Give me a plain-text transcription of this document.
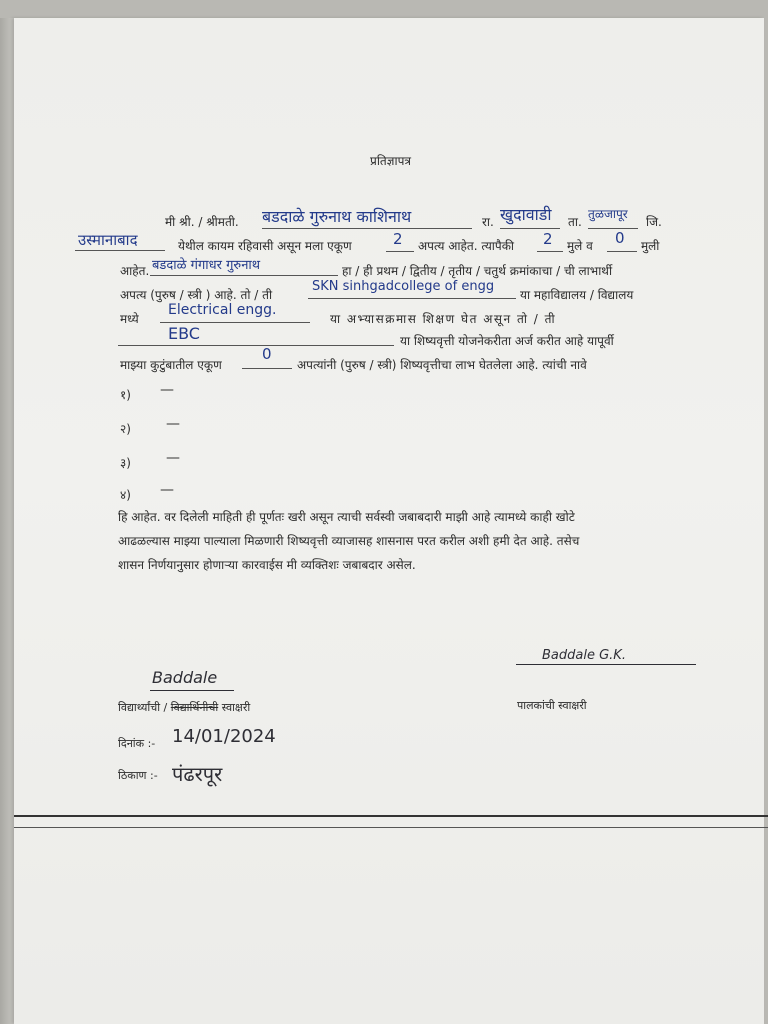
प्रतिज्ञापत्र
मी श्री. / श्रीमती. बडदाळे गुरुनाथ काशिनाथ	रा. खुदावाडी ता.
तुळजापूर
जि.
उस्मानाबाद	येथील कायम रहिवासी असून मला एकूण	2 अपत्य आहेत. त्यापैकी 2 मुले व 0 मुली
आहेत. बडदाळे गंगाधर गुरुनाथ	हा / ही प्रथम / द्वितीय / तृतीय / चतुर्थ क्रमांकाचा / ची लाभार्थी
अपत्य (पुरुष / स्त्री ) आहे. तो / ती
SKN sinhgadcollege of engg
या महाविद्यालय / विद्यालय
मध्ये
Electrical engg.
या अभ्यासक्रमास शिक्षण घेत असून तो / ती
EBC	या शिष्यवृत्ती योजनेकरीता अर्ज करीत आहे यापूर्वी
माझ्या कुटुंबातील एकूण
0
अपत्यांनी (पुरुष / स्त्री) शिष्यवृत्तीचा लाभ घेतलेला आहे. त्यांची नावे
१) —
२)	—
३)	—
४) —
हि आहेत. वर दिलेली माहिती ही पूर्णतः खरी असून त्याची सर्वस्वी जबाबदारी माझी आहे त्यामध्ये काही खोटे
आढळल्यास माझ्या पाल्याला मिळणारी शिष्यवृत्ती व्याजासह शासनास परत करील अशी हमी देत आहे. तसेच
शासन निर्णयानुसार होणाऱ्या कारवाईस मी व्यक्तिशः जबाबदार असेल.
Baddale
विद्यार्थ्यांची / विद्यार्थिनीची स्वाक्षरी
Baddale G.K.
पालकांची स्वाक्षरी
दिनांक :- 14/01/2024
ठिकाण :- पंढरपूर
